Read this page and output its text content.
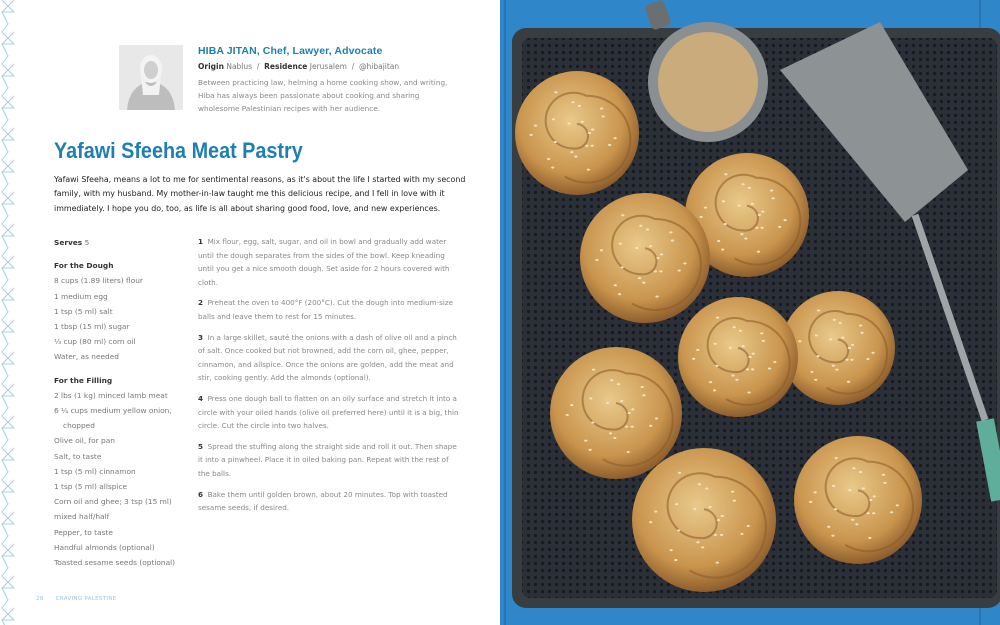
HIBA JITAN, Chef, Lawyer, Advocate
Origin Nablus  /  Residence Jerusalem  /  @hibajitan
Between practicing law, helming a home cooking show, and writing, Hiba has always been passionate about cooking and sharing wholesome Palestinian recipes with her audience.
Yafawi Sfeeha Meat Pastry
Yafawi Sfeeha, means a lot to me for sentimental reasons, as it's about the life I started with my second family, with my husband. My mother-in-law taught me this delicious recipe, and I fell in love with it immediately. I hope you do, too, as life is all about sharing good food, love, and new experiences.
Serves 5
For the Dough
8 cups (1.89 liters) flour
1 medium egg
1 tsp (5 ml) salt
1 tbsp (15 ml) sugar
⅓ cup (80 ml) corn oil
Water, as needed
For the Filling
2 lbs (1 kg) minced lamb meat
6 ¼ cups medium yellow onion,
chopped
Olive oil, for pan
Salt, to taste
1 tsp (5 ml) cinnamon
1 tsp (5 ml) allspice
Corn oil and ghee; 3 tsp (15 ml)
mixed half/half
Pepper, to taste
Handful almonds (optional)
Toasted sesame seeds (optional)

1 Mix flour, egg, salt, sugar, and oil in bowl and gradually add water until the dough separates from the sides of the bowl. Keep kneading until you get a nice smooth dough. Set aside for 2 hours covered with cloth.

2 Preheat the oven to 400°F (200°C). Cut the dough into medium-size balls and leave them to rest for 15 minutes.

3 In a large skillet, sauté the onions with a dash of olive oil and a pinch of salt. Once cooked but not browned, add the corn oil, ghee, pepper, cinnamon, and allspice. Once the onions are golden, add the meat and stir, cooking gently. Add the almonds (optional).

4 Press one dough ball to flatten on an oily surface and stretch it into a circle with your oiled hands (olive oil preferred here) until it is a big, thin circle. Cut the circle into two halves.

5 Spread the stuffing along the straight side and roll it out. Then shape it into a pinwheel. Place it in oiled baking pan. Repeat with the rest of the balls.

6 Bake them until golden brown, about 20 minutes. Top with toasted sesame seeds, if desired.

28 CRAVING PALESTINE
